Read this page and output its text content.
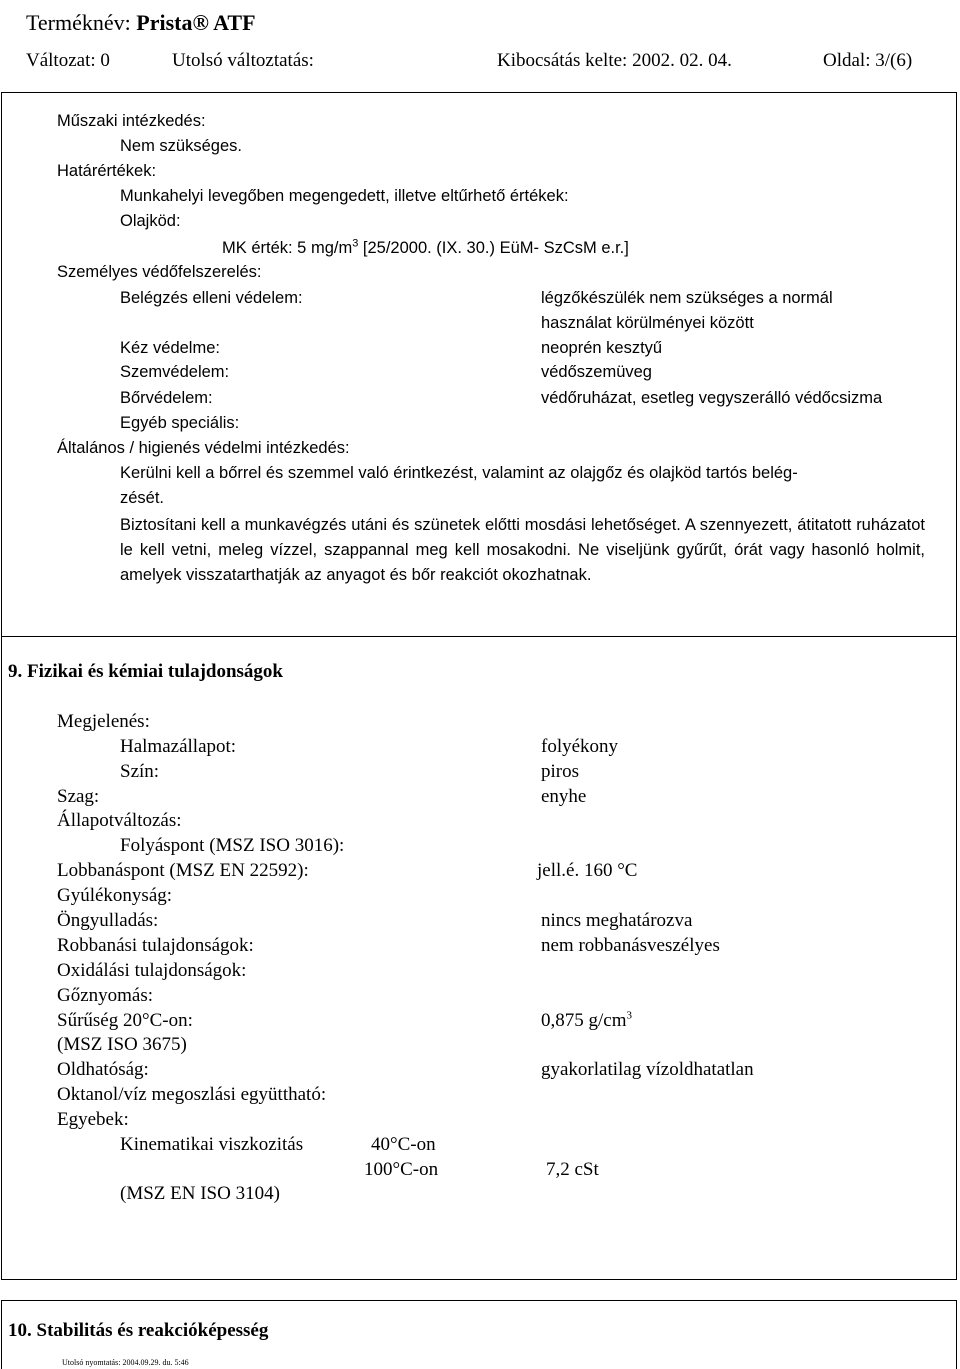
Terméknév: Prista® ATF
Változat: 0	Utolsó változtatás:	Kibocsátás kelte: 2002. 02. 04.	Oldal: 3/(6)
Műszaki intézkedés:
Nem szükséges.
Határértékek:
Munkahelyi levegőben megengedett, illetve eltűrhető értékek:
Olajköd:
MK érték: 5 $mg/m^3$ [25/2000. (IX. 30.) EüM- SzCsM e.r.]
Személyes védőfelszerelés:
Belégzés elleni védelem:	légzőkészülék nem szükséges a normál
használat körülményei között
Kéz védelme:	neoprén kesztyű
Szemvédelem:	védőszemüveg
Bőrvédelem:	védőruházat, esetleg vegyszerálló védőcsizma
Egyéb speciális:
Általános / higienés védelmi intézkedés:
Kerülni kell a bőrrel és szemmel való érintkezést, valamint az olajgőz és olajköd tartós belég-
zését.
Biztosítani kell a munkavégzés utáni és szünetek előtti mosdási lehetőséget. A szennyezett, átitatott ruházatot le kell vetni, meleg vízzel, szappannal meg kell mosakodni. Ne viseljünk gyűrűt, órát vagy hasonló holmit, amelyek visszatarthatják az anyagot és bőr reakciót okozhatnak.
9. Fizikai és kémiai tulajdonságok
Megjelenés:
Halmazállapot:	folyékony
Szín:	piros
Szag:	enyhe
Állapotváltozás:
Folyáspont (MSZ ISO 3016):
Lobbanáspont (MSZ EN 22592):	jell.é. 160 °C
Gyúlékonyság:
Öngyulladás:	nincs meghatározva
Robbanási tulajdonságok:	nem robbanásveszélyes
Oxidálási tulajdonságok:
Gőznyomás:
Sűrűség 20°C-on:	0,875 $g/cm^3$
(MSZ ISO 3675)
Oldhatóság:	gyakorlatilag vízoldhatatlan
Oktanol/víz megoszlási együttható:
Egyebek:
Kinematikai viszkozitás	40°C-on
100°C-on	7,2 cSt
(MSZ EN ISO 3104)
10. Stabilitás és reakcióképesség
Utolsó nyomtatás: 2004.09.29. du. 5:46
